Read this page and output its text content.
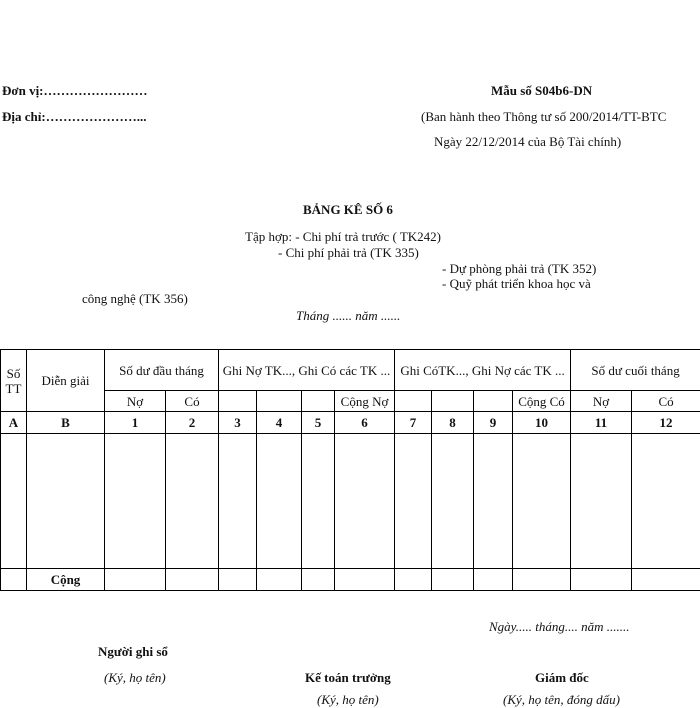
Đơn vị:……………………
Địa chỉ:…………………...
Mẫu số S04b6-DN
(Ban hành theo Thông tư số 200/2014/TT-BTC
Ngày 22/12/2014 của Bộ Tài chính)
BẢNG KÊ SỐ 6
Tập hợp: - Chi phí trả trước ( TK242)
- Chi phí phải trả (TK 335)
- Dự phòng phải trả (TK 352)
- Quỹ phát triển khoa học và
công nghệ (TK 356)
Tháng ...... năm ......
Số TT	Diễn giải	Số dư đầu tháng		Ghi Nợ TK..., Ghi Có các TK ...				Ghi CóTK..., Ghi Nợ các TK ...				Số dư cuối tháng	
		Nợ	Có				Cộng Nợ				Cộng Có	Nợ	Có
A	B	1	2	3	4	5	6	7	8	9	10	11	12

	Cộng												
Ngày..... tháng.... năm .......
Người ghi sổ
(Ký, họ tên)	Kế toán trưởng
(Ký, họ tên)
Giám đốc
(Ký, họ tên, đóng dấu)
